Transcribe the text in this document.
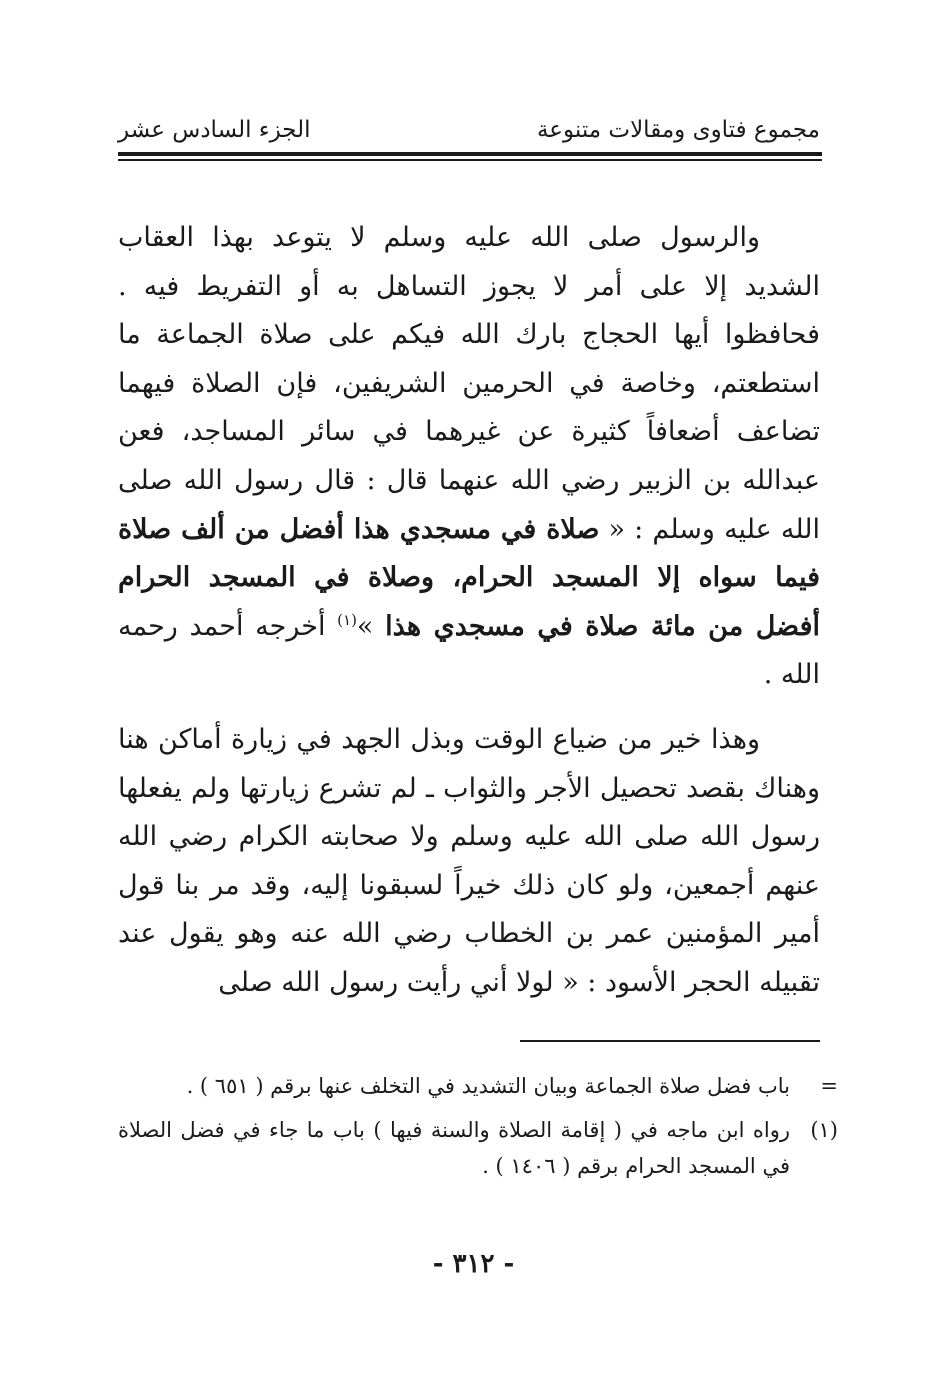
مجموع فتاوى ومقالات متنوعة
الجزء السادس عشر

والرسول صلى الله عليه وسلم لا يتوعد بهذا العقاب الشديد إلا على أمر لا يجوز التساهل به أو التفريط فيه . فحافظوا أيها الحجاج بارك الله فيكم على صلاة الجماعة ما استطعتم، وخاصة في الحرمين الشريفين، فإن الصلاة فيهما تضاعف أضعافاً كثيرة عن غيرهما في سائر المساجد، فعن عبدالله بن الزبير رضي الله عنهما قال : قال رسول الله صلى الله عليه وسلم : « صلاة في مسجدي هذا أفضل من ألف صلاة فيما سواه إلا المسجد الحرام، وصلاة في المسجد الحرام أفضل من مائة صلاة في مسجدي هذا »$^{(١)}$ أخرجه أحمد رحمه الله .

وهذا خير من ضياع الوقت وبذل الجهد في زيارة أماكن هنا وهناك بقصد تحصيل الأجر والثواب ـ لم تشرع زيارتها ولم يفعلها رسول الله صلى الله عليه وسلم ولا صحابته الكرام رضي الله عنهم أجمعين، ولو كان ذلك خيراً لسبقونا إليه، وقد مر بنا قول أمير المؤمنين عمر بن الخطاب رضي الله عنه وهو يقول عند تقبيله الحجر الأسود : « لولا أني رأيت رسول الله صلى

=
باب فضل صلاة الجماعة وبيان التشديد في التخلف عنها برقم ( ٦٥١ ) .
(١)
رواه ابن ماجه في ( إقامة الصلاة والسنة فيها ) باب ما جاء في فضل الصلاة في المسجد الحرام برقم ( ١٤٠٦ ) .
- ٣١٢ -
